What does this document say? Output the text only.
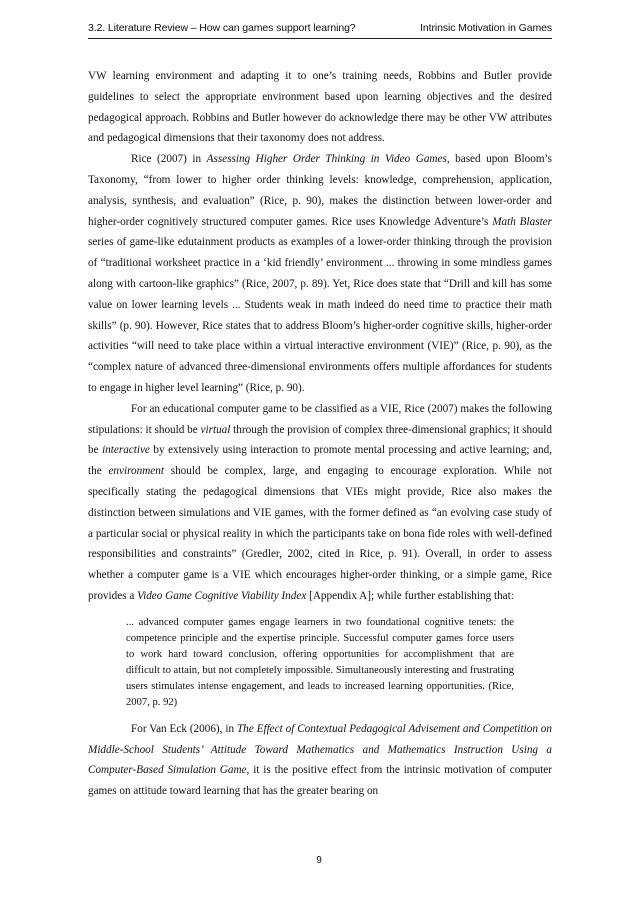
3.2. Literature Review – How can games support learning?	Intrinsic Motivation in Games

VW learning environment and adapting it to one’s training needs, Robbins and Butler provide guidelines to select the appropriate environment based upon learning objectives and the desired pedagogical approach. Robbins and Butler however do acknowledge there may be other VW attributes and pedagogical dimensions that their taxonomy does not address.

Rice (2007) in Assessing Higher Order Thinking in Video Games, based upon Bloom’s Taxonomy, “from lower to higher order thinking levels: knowledge, comprehension, application, analysis, synthesis, and evaluation” (Rice, p. 90), makes the distinction between lower-order and higher-order cognitively structured computer games. Rice uses Knowledge Adventure’s Math Blaster series of game-like edutainment products as examples of a lower-order thinking through the provision of “traditional worksheet practice in a ‘kid friendly’ environment ... throwing in some mindless games along with cartoon-like graphics” (Rice, 2007, p. 89). Yet, Rice does state that “Drill and kill has some value on lower learning levels ... Students weak in math indeed do need time to practice their math skills” (p. 90). However, Rice states that to address Bloom’s higher-order cognitive skills, higher-order activities “will need to take place within a virtual interactive environment (VIE)” (Rice, p. 90), as the “complex nature of advanced three-dimensional environments offers multiple affordances for students to engage in higher level learning” (Rice, p. 90).

For an educational computer game to be classified as a VIE, Rice (2007) makes the following stipulations: it should be virtual through the provision of complex three-dimensional graphics; it should be interactive by extensively using interaction to promote mental processing and active learning; and, the environment should be complex, large, and engaging to encourage exploration. While not specifically stating the pedagogical dimensions that VIEs might provide, Rice also makes the distinction between simulations and VIE games, with the former defined as “an evolving case study of a particular social or physical reality in which the participants take on bona fide roles with well-defined responsibilities and constraints” (Gredler, 2002, cited in Rice, p. 91). Overall, in order to assess whether a computer game is a VIE which encourages higher-order thinking, or a simple game, Rice provides a Video Game Cognitive Viability Index [Appendix A]; while further establishing that:

... advanced computer games engage learners in two foundational cognitive tenets: the competence principle and the expertise principle. Successful computer games force users to work hard toward conclusion, offering opportunities for accomplishment that are difficult to attain, but not completely impossible. Simultaneously interesting and frustrating users stimulates intense engagement, and leads to increased learning opportunities. (Rice, 2007, p. 92)

For Van Eck (2006), in The Effect of Contextual Pedagogical Advisement and Competition on Middle-School Students’ Attitude Toward Mathematics and Mathematics Instruction Using a Computer-Based Simulation Game, it is the positive effect from the intrinsic motivation of computer games on attitude toward learning that has the greater bearing on

9
